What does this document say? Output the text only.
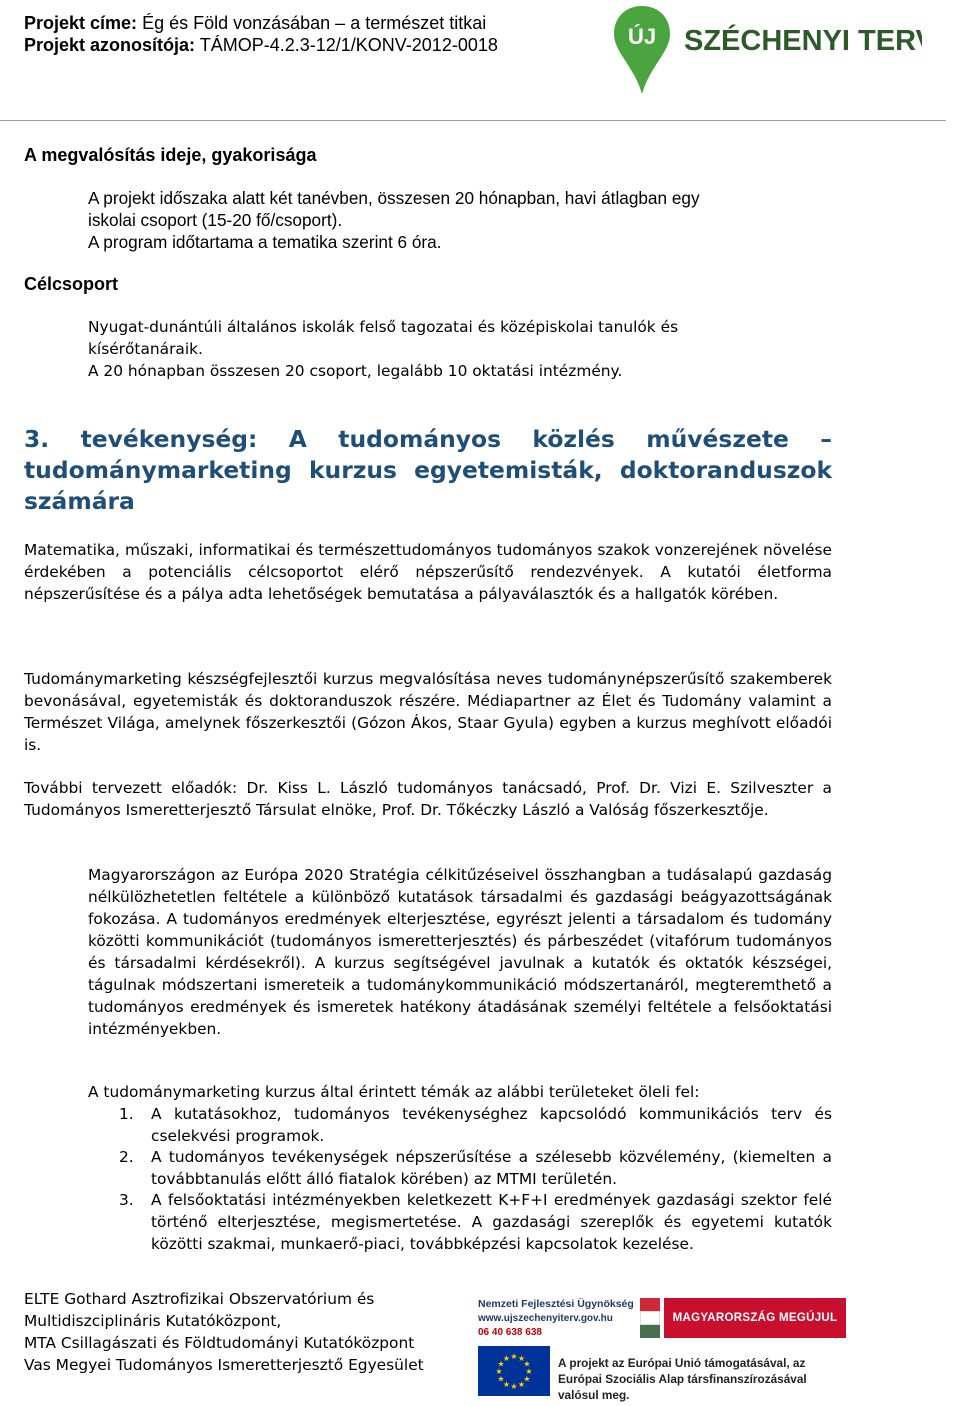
Projekt címe: Ég és Föld vonzásában – a természet titkai
Projekt azonosítója: TÁMOP-4.2.3-12/1/KONV-2012-0018	ÚJ SZÉCHENYI TERV
A megvalósítás ideje, gyakorisága
A projekt időszaka alatt két tanévben, összesen 20 hónapban, havi átlagban egy
iskolai csoport (15-20 fő/csoport).
A program időtartama a tematika szerint 6 óra.
Célcsoport
Nyugat-dunántúli általános iskolák felső tagozatai és középiskolai tanulók és
kísérőtanáraik.
A 20 hónapban összesen 20 csoport, legalább 10 oktatási intézmény.
3. tevékenység: A tudományos közlés művészete – tudománymarketing kurzus egyetemisták, doktoranduszok számára
Matematika, műszaki, informatikai és természettudományos tudományos szakok vonzerejének növelése érdekében a potenciális célcsoportot elérő népszerűsítő rendezvények. A kutatói életforma népszerűsítése és a pálya adta lehetőségek bemutatása a pályaválasztók és a hallgatók körében.
Tudománymarketing készségfejlesztői kurzus megvalósítása neves tudománynépszerűsítő szakemberek bevonásával, egyetemisták és doktoranduszok részére. Médiapartner az Élet és Tudomány valamint a Természet Világa, amelynek főszerkesztői (Gózon Ákos, Staar Gyula) egyben a kurzus meghívott előadói is.
További tervezett előadók: Dr. Kiss L. László tudományos tanácsadó, Prof. Dr. Vizi E. Szilveszter a Tudományos Ismeretterjesztő Társulat elnöke, Prof. Dr. Tőkéczky László a Valóság főszerkesztője.
Magyarországon az Európa 2020 Stratégia célkitűzéseivel összhangban a tudásalapú gazdaság nélkülözhetetlen feltétele a különböző kutatások társadalmi és gazdasági beágyazottságának fokozása. A tudományos eredmények elterjesztése, egyrészt jelenti a társadalom és tudomány közötti kommunikációt (tudományos ismeretterjesztés) és párbeszédet (vitafórum tudományos és társadalmi kérdésekről). A kurzus segítségével javulnak a kutatók és oktatók készségei, tágulnak módszertani ismereteik a tudománykommunikáció módszertanáról, megteremthető a tudományos eredmények és ismeretek hatékony átadásának személyi feltétele a felsőoktatási intézményekben.
A tudománymarketing kurzus által érintett témák az alábbi területeket öleli fel:
1. A kutatásokhoz, tudományos tevékenységhez kapcsolódó kommunikációs terv és cselekvési programok.
2. A tudományos tevékenységek népszerűsítése a szélesebb közvélemény, (kiemelten a továbbtanulás előtt álló fiatalok körében) az MTMI területén.
3. A felsőoktatási intézményekben keletkezett K+F+I eredmények gazdasági szektor felé történő elterjesztése, megismertetése. A gazdasági szereplők és egyetemi kutatók közötti szakmai, munkaerő-piaci, továbbképzési kapcsolatok kezelése.
ELTE Gothard Asztrofizikai Obszervatórium és
Multidiszciplináris Kutatóközpont,
MTA Csillagászati és Földtudományi Kutatóközpont
Vas Megyei Tudományos Ismeretterjesztő Egyesület
Nemzeti Fejlesztési Ügynökség
www.ujszechenyiterv.gov.hu
06 40 638 638
MAGYARORSZÁG MEGÚJUL
★ ★
★
★
★
★
★
★
★
★
★
★	A projekt az Európai Unió támogatásával, az Európai Szociális Alap társfinanszírozásával valósul meg.
